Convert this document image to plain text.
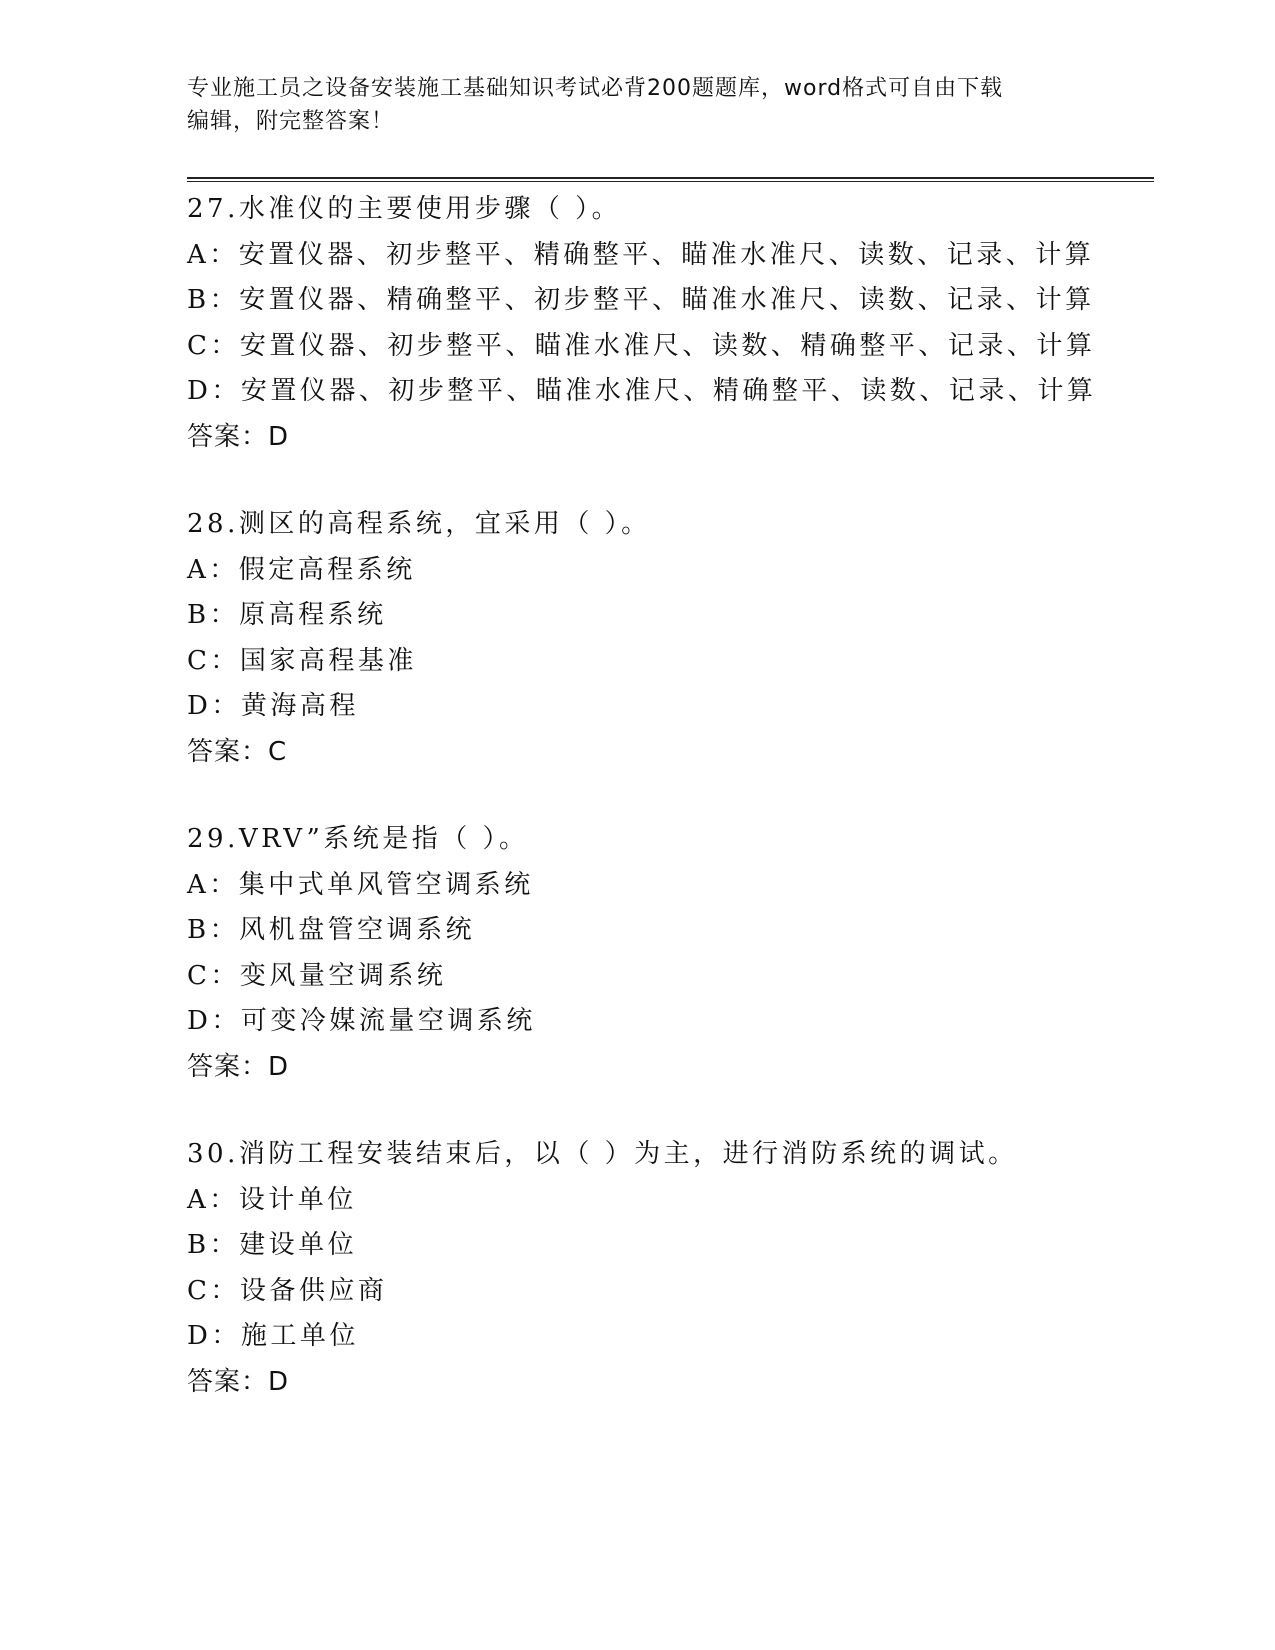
专业施工员之设备安装施工基础知识考试必背200题题库，word格式可自由下载
编辑，附完整答案！
27.水准仪的主要使用步骤（ ）。
A：安置仪器、初步整平、精确整平、瞄准水准尺、读数、记录、计算
B：安置仪器、精确整平、初步整平、瞄准水准尺、读数、记录、计算
C：安置仪器、初步整平、瞄准水准尺、读数、精确整平、记录、计算
D：安置仪器、初步整平、瞄准水准尺、精确整平、读数、记录、计算
答案：D
28.测区的高程系统，宜采用（ ）。
A：假定高程系统
B：原高程系统
C：国家高程基准
D：黄海高程
答案：C
29.VRV”系统是指（ ）。
A：集中式单风管空调系统
B：风机盘管空调系统
C：变风量空调系统
D：可变冷媒流量空调系统
答案：D
30.消防工程安装结束后，以（ ）为主，进行消防系统的调试。
A：设计单位
B：建设单位
C：设备供应商
D：施工单位
答案：D
